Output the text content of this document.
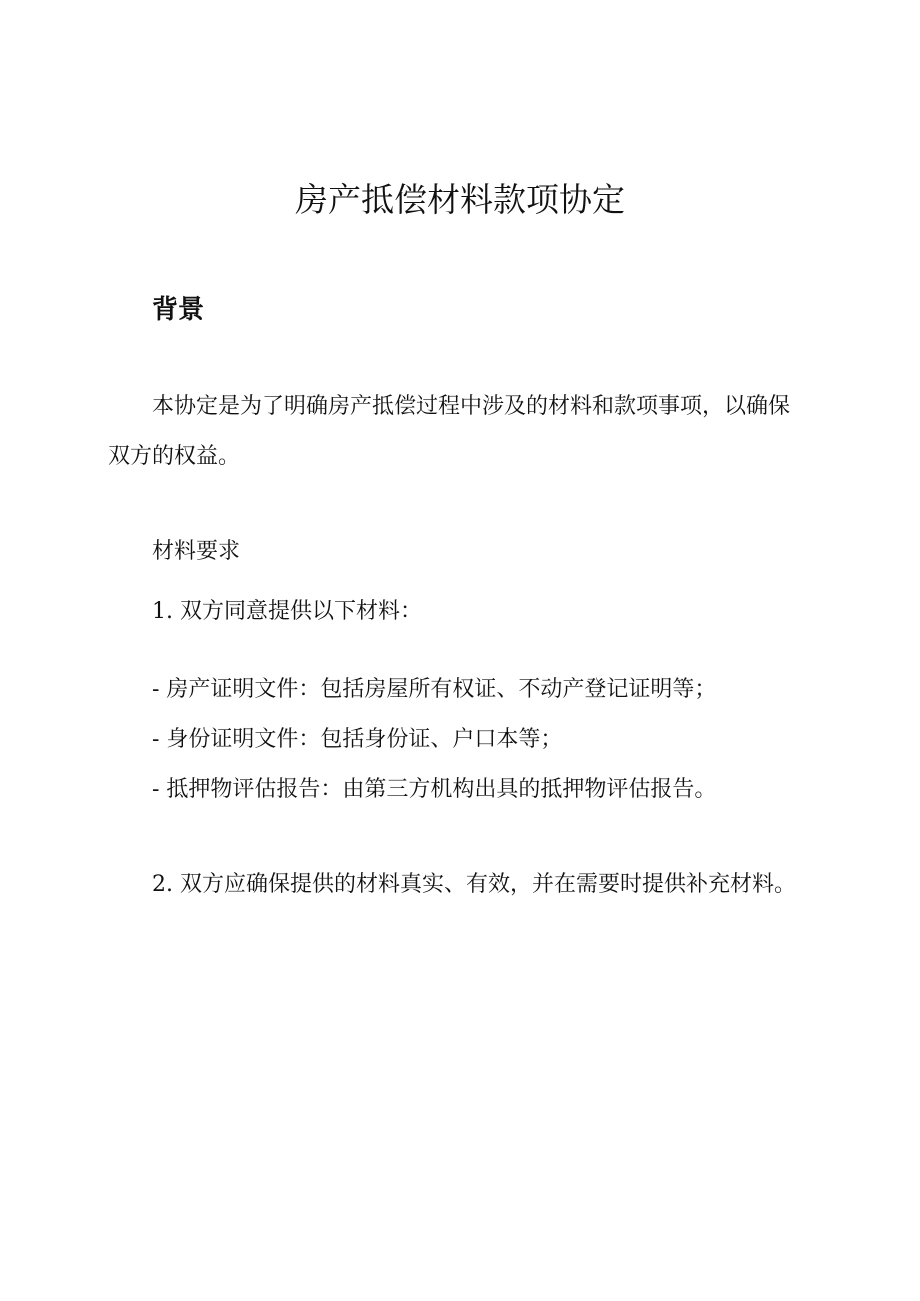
房产抵偿材料款项协定
背景

本协定是为了明确房产抵偿过程中涉及的材料和款项事项，以确保双方的权益。

材料要求

1. 双方同意提供以下材料：

- 房产证明文件：包括房屋所有权证、不动产登记证明等；

- 身份证明文件：包括身份证、户口本等；

- 抵押物评估报告：由第三方机构出具的抵押物评估报告。

2. 双方应确保提供的材料真实、有效，并在需要时提供补充材料。
